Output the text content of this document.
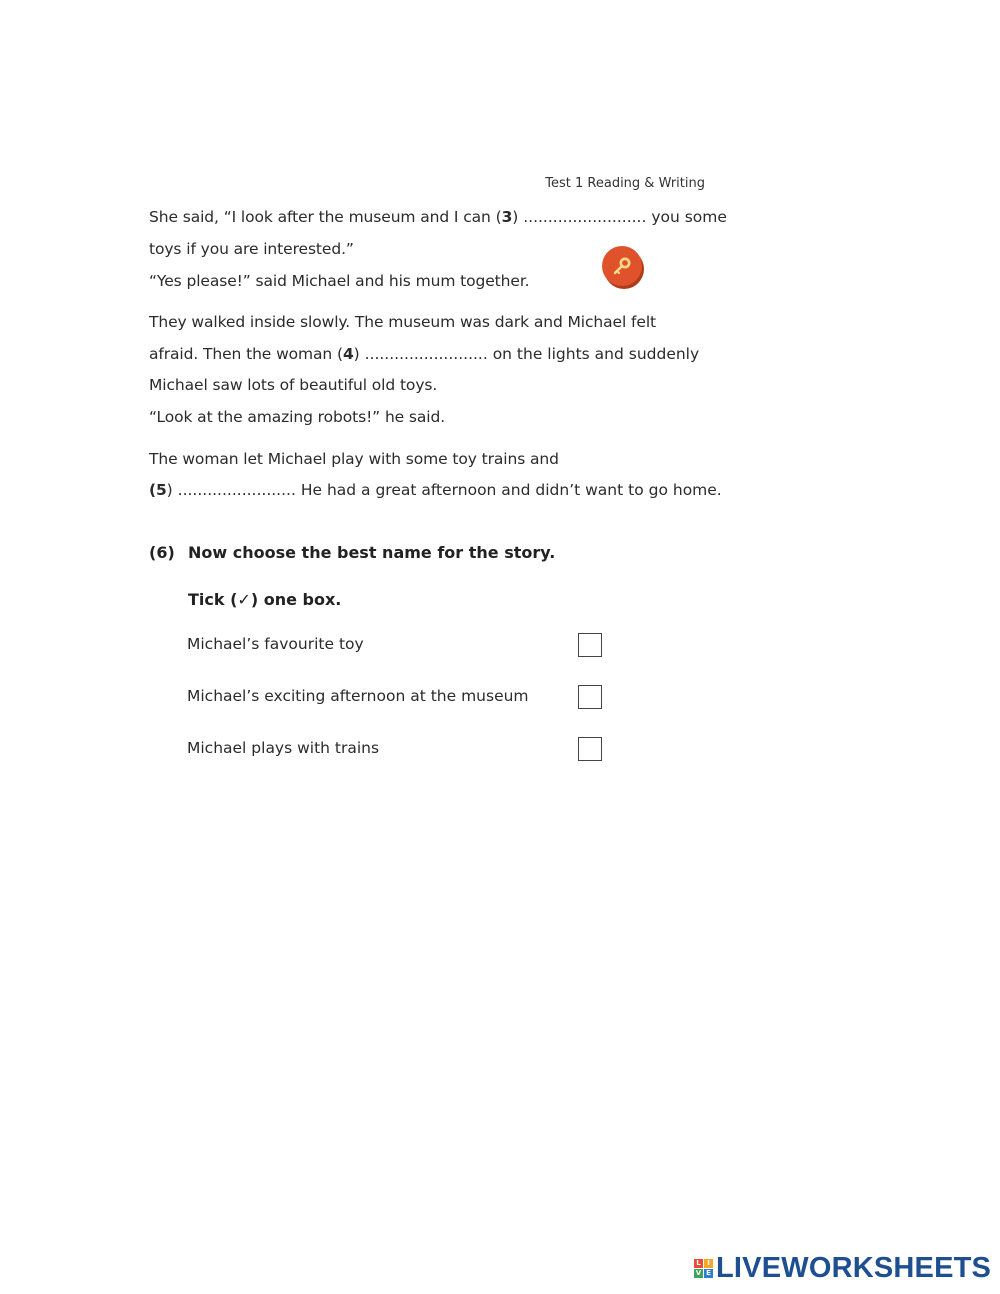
Test 1 Reading & Writing
She said, “I look after the museum and I can (3) ......................... you some
toys if you are interested.”
“Yes please!” said Michael and his mum together.
They walked inside slowly. The museum was dark and Michael felt
afraid. Then the woman (4) ......................... on the lights and suddenly
Michael saw lots of beautiful old toys.
“Look at the amazing robots!” he said.
The woman let Michael play with some toy trains and
(5) ........................ He had a great afternoon and didn’t want to go home.
(6) Now choose the best name for the story.
Tick (✓) one box.
Michael’s favourite toy
Michael’s exciting afternoon at the museum
Michael plays with trains
L I
V E LIVEWORKSHEETS
